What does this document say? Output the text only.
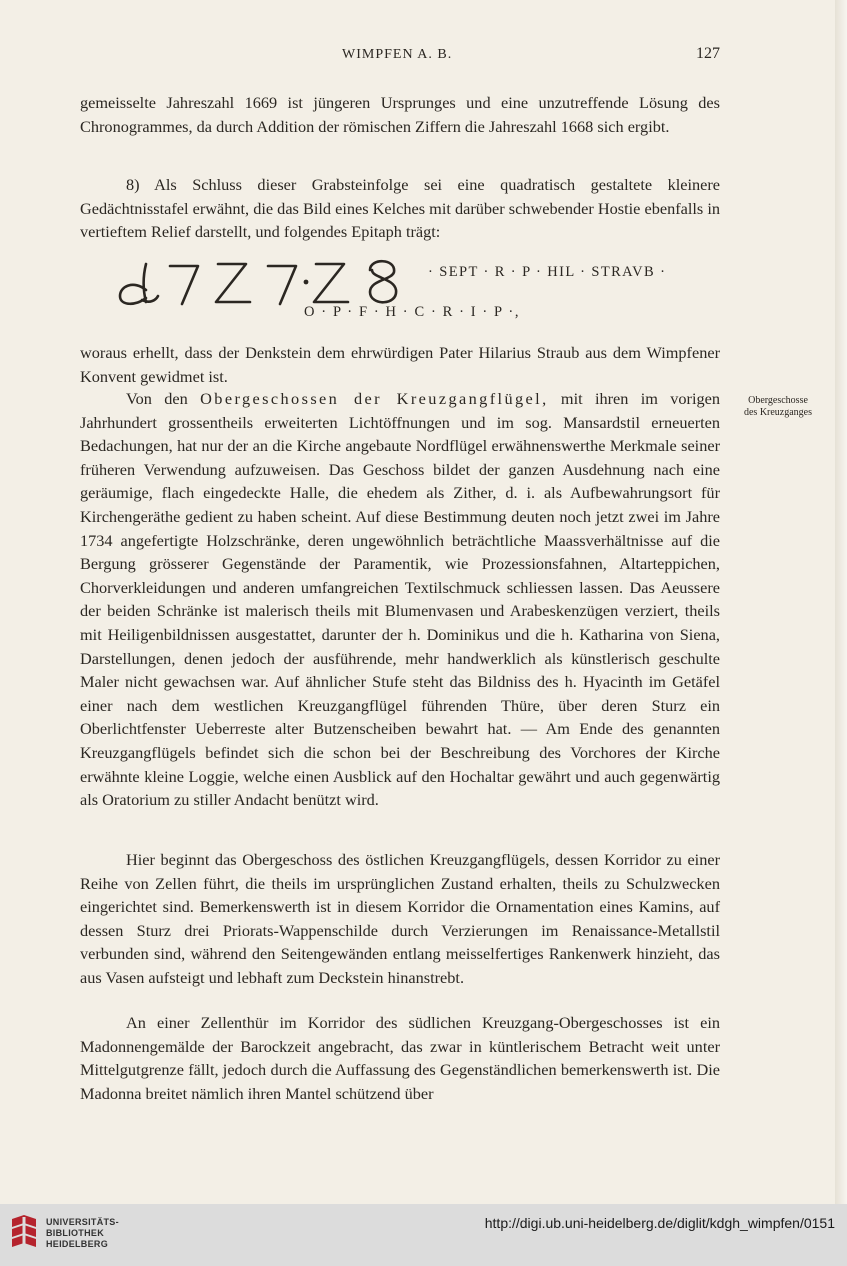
WIMPFEN A. B.	127

gemeisselte Jahreszahl 1669 ist jüngeren Ursprunges und eine unzutreffende Lösung des Chronogrammes, da durch Addition der römischen Ziffern die Jahreszahl 1668 sich ergibt.

8) Als Schluss dieser Grabsteinfolge sei eine quadratisch gestaltete kleinere Gedächtnisstafel erwähnt, die das Bild eines Kelches mit darüber schwebender Hostie ebenfalls in vertieftem Relief darstellt, und folgendes Epitaph trägt:

· SEPT · R · P · HIL · STRAVB ·
O · P · F · H · C · R · I · P ·,

woraus erhellt, dass der Denkstein dem ehrwürdigen Pater Hilarius Straub aus dem Wimpfener Konvent gewidmet ist.

Von den Obergeschossen der Kreuzgangflügel, mit ihren im vorigen Jahrhundert grossentheils erweiterten Lichtöffnungen und im sog. Mansardstil erneuerten Bedachungen, hat nur der an die Kirche angebaute Nordflügel erwähnenswerthe Merkmale seiner früheren Verwendung aufzuweisen. Das Geschoss bildet der ganzen Ausdehnung nach eine geräumige, flach eingedeckte Halle, die ehedem als Zither, d. i. als Aufbewahrungsort für Kirchengeräthe gedient zu haben scheint. Auf diese Bestimmung deuten noch jetzt zwei im Jahre 1734 angefertigte Holzschränke, deren ungewöhnlich beträchtliche Maassverhältnisse auf die Bergung grösserer Gegenstände der Paramentik, wie Prozessionsfahnen, Altarteppichen, Chorverkleidungen und anderen umfangreichen Textilschmuck schliessen lassen. Das Aeussere der beiden Schränke ist malerisch theils mit Blumenvasen und Arabeskenzügen verziert, theils mit Heiligenbildnissen ausgestattet, darunter der h. Dominikus und die h. Katharina von Siena, Darstellungen, denen jedoch der ausführende, mehr handwerklich als künstlerisch geschulte Maler nicht gewachsen war. Auf ähnlicher Stufe steht das Bildniss des h. Hyacinth im Getäfel einer nach dem westlichen Kreuzgangflügel führenden Thüre, über deren Sturz ein Oberlichtfenster Ueberreste alter Butzenscheiben bewahrt hat. — Am Ende des genannten Kreuzgangflügels befindet sich die schon bei der Beschreibung des Vorchores der Kirche erwähnte kleine Loggie, welche einen Ausblick auf den Hochaltar gewährt und auch gegenwärtig als Oratorium zu stiller Andacht benützt wird.

Obergeschosse
des Kreuzganges

Hier beginnt das Obergeschoss des östlichen Kreuzgangflügels, dessen Korridor zu einer Reihe von Zellen führt, die theils im ursprünglichen Zustand erhalten, theils zu Schulzwecken eingerichtet sind. Bemerkenswerth ist in diesem Korridor die Ornamentation eines Kamins, auf dessen Sturz drei Priorats-Wappenschilde durch Verzierungen im Renaissance-Metallstil verbunden sind, während den Seitengewänden entlang meisselfertiges Rankenwerk hinzieht, das aus Vasen aufsteigt und lebhaft zum Deckstein hinanstrebt.

An einer Zellenthür im Korridor des südlichen Kreuzgang-Obergeschosses ist ein Madonnengemälde der Barockzeit angebracht, das zwar in küntlerischem Betracht weit unter Mittelgutgrenze fällt, jedoch durch die Auffassung des Gegenständlichen bemerkenswerth ist. Die Madonna breitet nämlich ihren Mantel schützend über

UNIVERSITÄTS-
BIBLIOTHEK
HEIDELBERG
http://digi.ub.uni-heidelberg.de/diglit/kdgh_wimpfen/0151
